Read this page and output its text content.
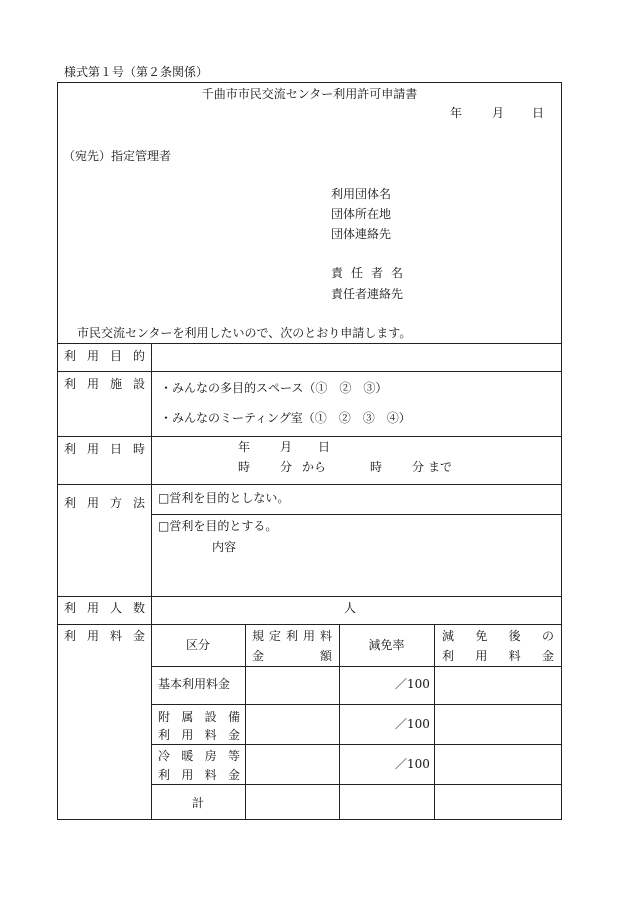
様式第１号（第２条関係）
千曲市市民交流センター利用許可申請書
年 月 日
（宛先）指定管理者
利用団体名
団体所在地
団体連絡先
責 任 者 名
責任者連絡先
市民交流センターを利用したいので、次のとおり申請します。
利 用 目 的
利 用 施 設
利 用 日 時
利 用 方 法
利 用 人 数
利 用 料 金
・みんなの多目的スペース（①　②　③）
・みんなのミーティング室（①　②　③　④）
年 月 日
時 分 から	時 分 まで
□営利を目的としない。
□営利を目的とする。
内容
人
区分
規 定 利 用 料
金	額
減免率
減 免 後 の
利 用 料 金
基本利用料金
附 属 設 備
利 用 料 金
冷 暖 房 等
利 用 料 金
計
／100
／100
／100
